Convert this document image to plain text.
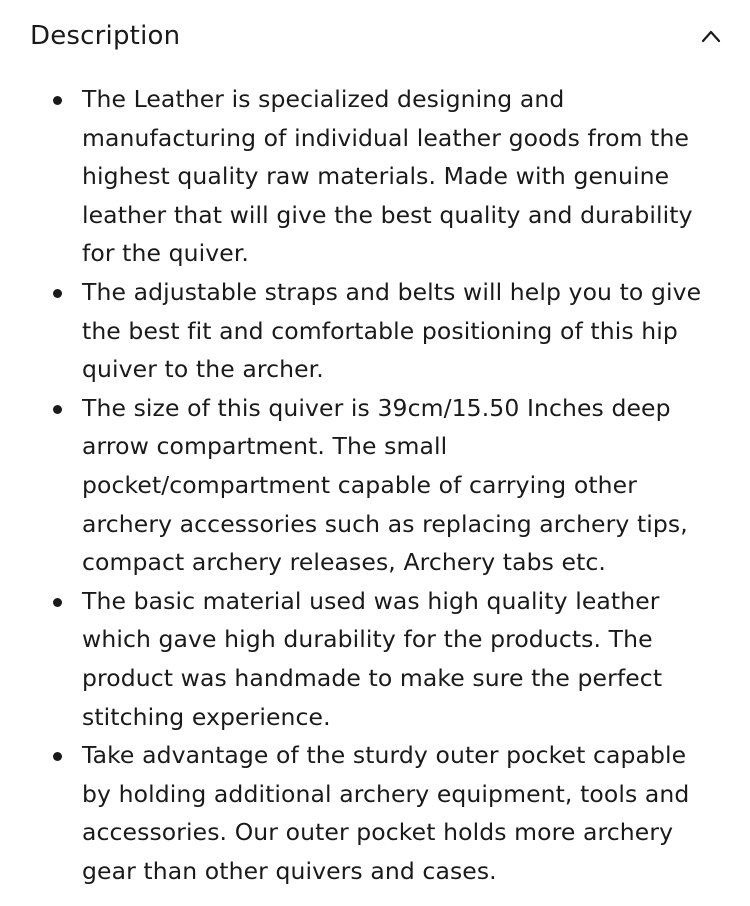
Description
The Leather is specialized designing and
manufacturing of individual leather goods from the
highest quality raw materials. Made with genuine
leather that will give the best quality and durability
for the quiver.
The adjustable straps and belts will help you to give
the best fit and comfortable positioning of this hip
quiver to the archer.
The size of this quiver is 39cm/15.50 Inches deep
arrow compartment. The small
pocket/compartment capable of carrying other
archery accessories such as replacing archery tips,
compact archery releases, Archery tabs etc.
The basic material used was high quality leather
which gave high durability for the products. The
product was handmade to make sure the perfect
stitching experience.
Take advantage of the sturdy outer pocket capable
by holding additional archery equipment, tools and
accessories. Our outer pocket holds more archery
gear than other quivers and cases.
